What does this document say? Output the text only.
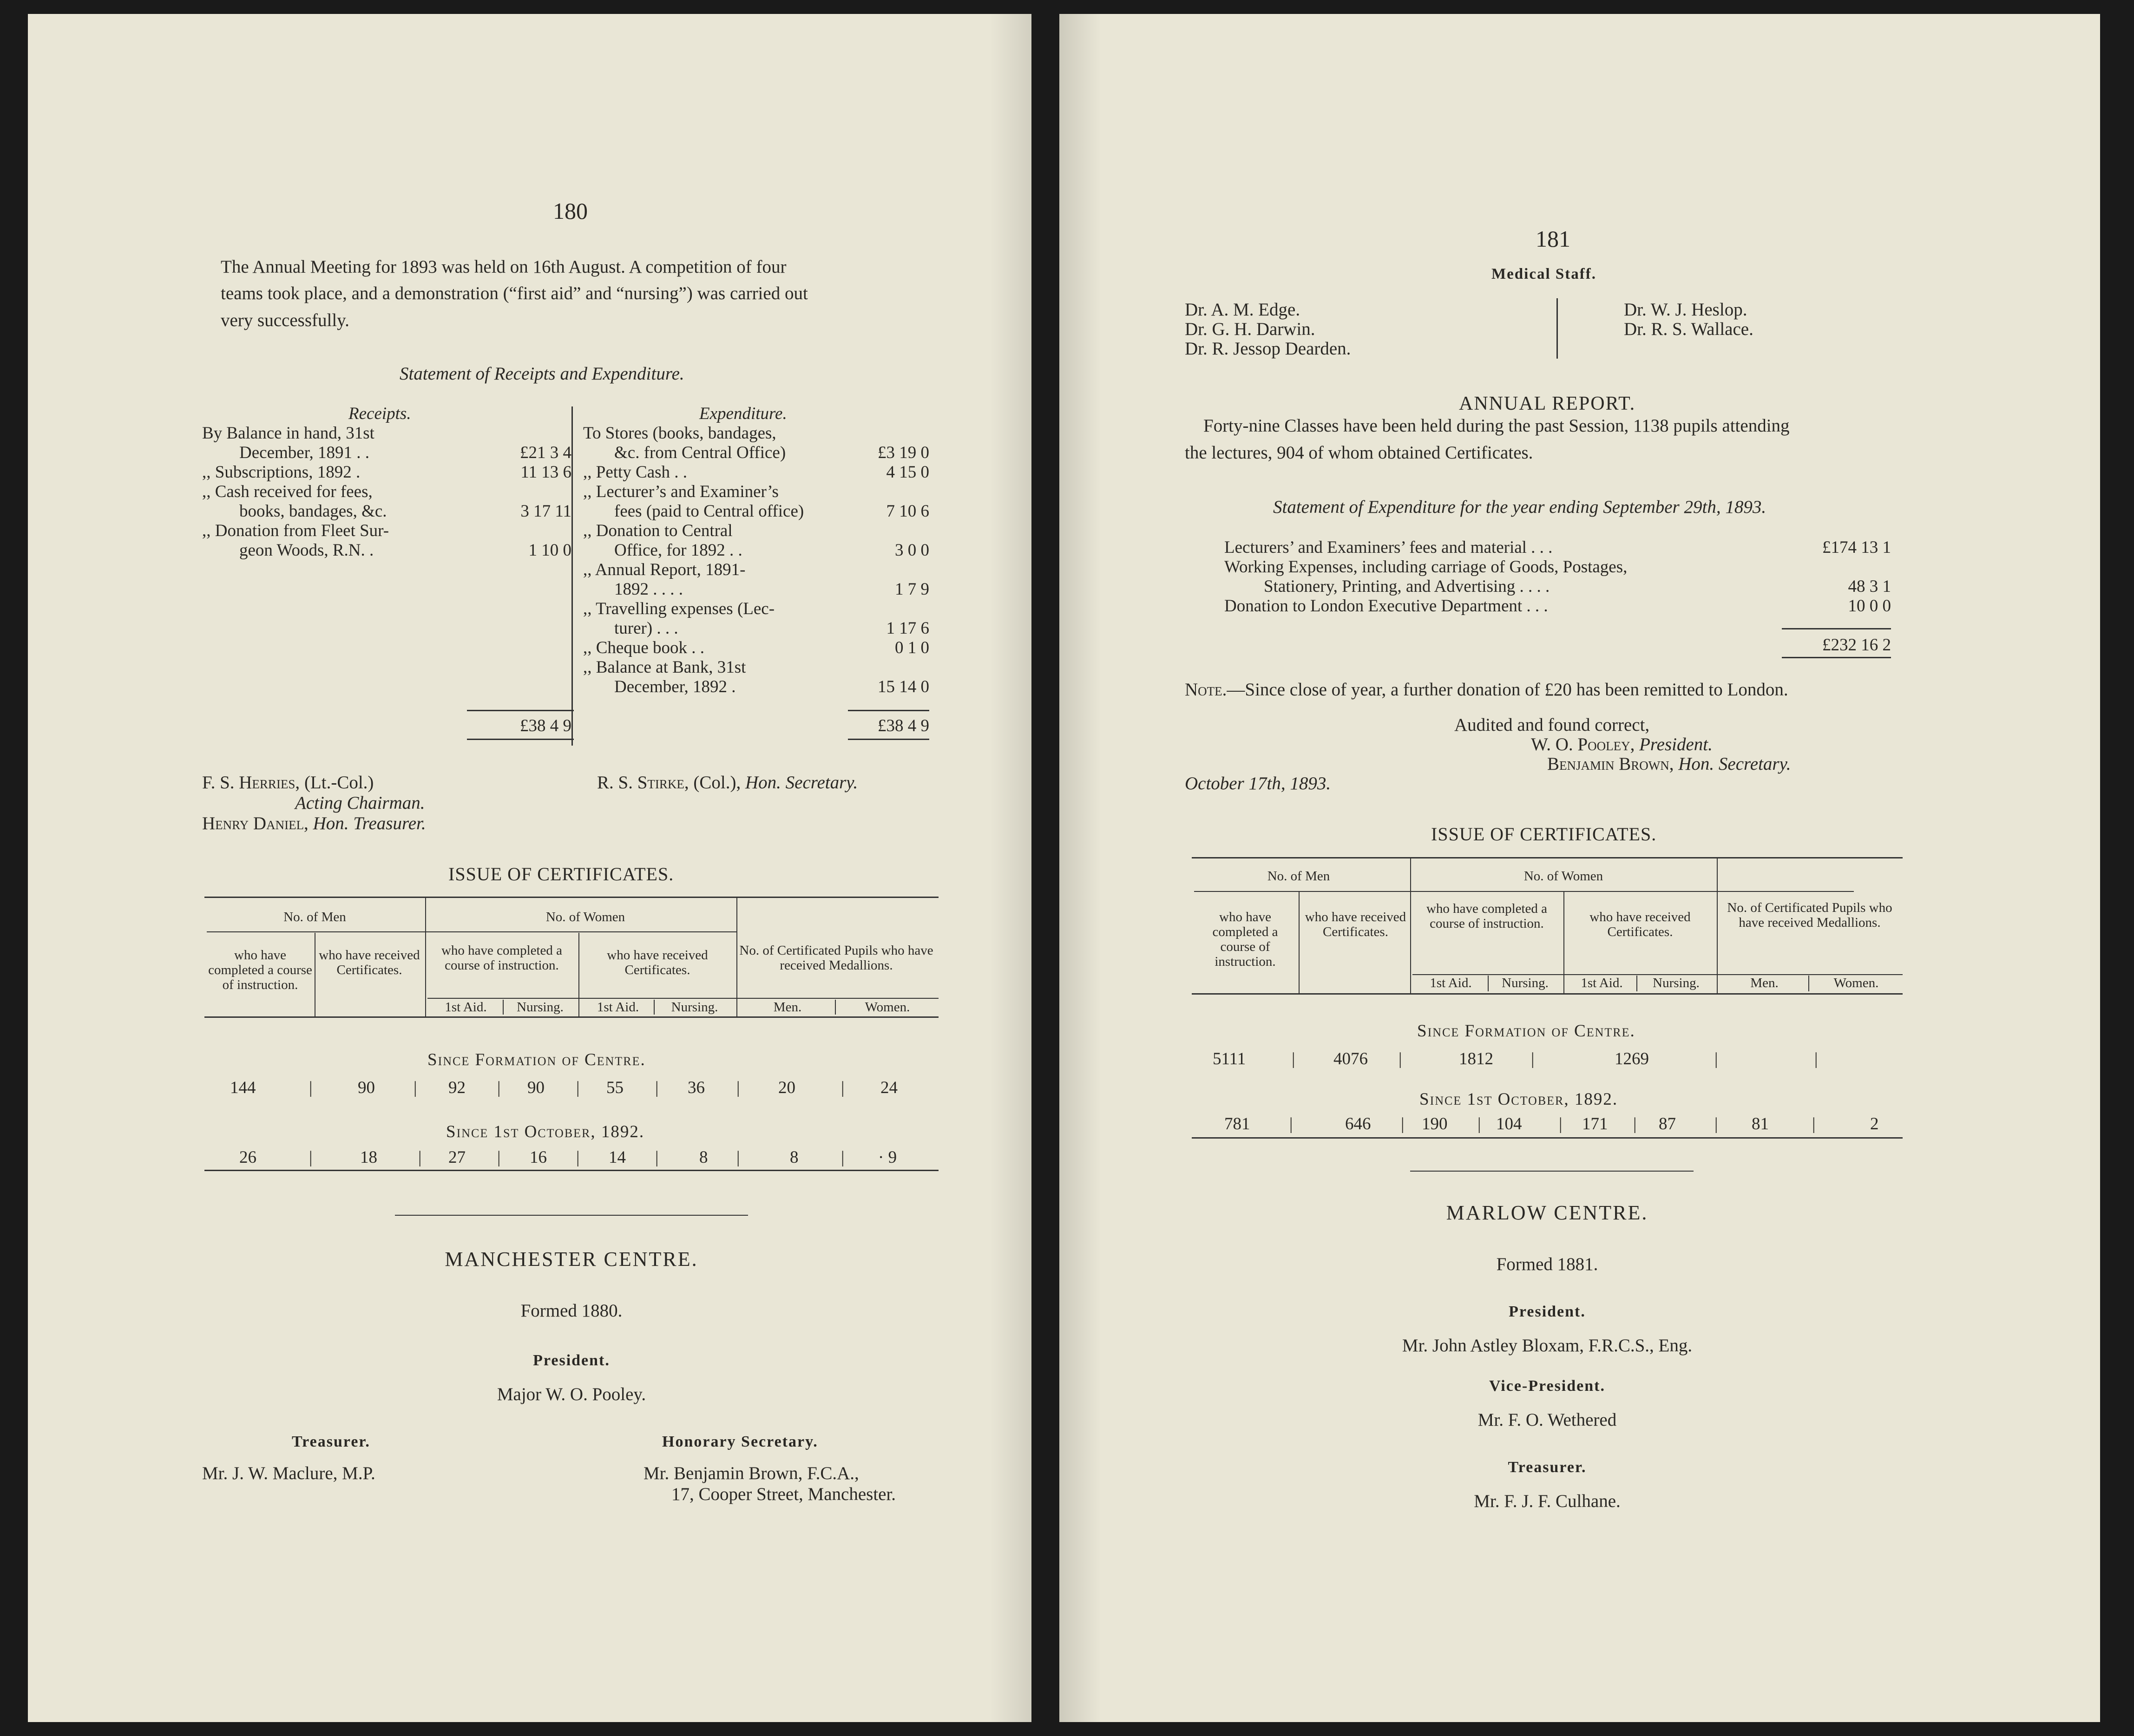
180
The Annual Meeting for 1893 was held on 16th August. A competition of four
teams took place, and a demonstration (“first aid” and “nursing”) was carried out
very successfully.
Statement of Receipts and Expenditure.
Receipts.
By Balance in hand, 31st
December, 1891 . .	£21 3 4
,, Subscriptions, 1892 .	11 13 6
,, Cash received for fees,
books, bandages, &c.	3 17 11
,, Donation from Fleet Sur-
geon Woods, R.N. .	1 10 0
£38 4 9
Expenditure.
To Stores (books, bandages,
&c. from Central Office)	£3 19 0
,, Petty Cash . .	4 15 0
,, Lecturer’s and Examiner’s
fees (paid to Central office)	7 10 6
,, Donation to Central
Office, for 1892 . .	3 0 0
,, Annual Report, 1891-
1892 . . . .	1 7 9
,, Travelling expenses (Lec-
turer) . . .	1 17 6
,, Cheque book . .	0 1 0
,, Balance at Bank, 31st
December, 1892 .	15 14 0
£38 4 9
F. S. Herries, (Lt.-Col.)
Acting Chairman.
Henry Daniel, Hon. Treasurer.
R. S. Stirke, (Col.), Hon. Secretary.
ISSUE OF CERTIFICATES.
No. of Men	No. of Women
who have completed a course of instruction.
who have received Certificates.
who have completed a course of instruction.
who have received Certificates.
No. of Certificated Pupils who have received Medallions.
1st Aid.	Nursing.	1st Aid.	Nursing.	Men.	Women.
Since Formation of Centre.
144	|	90 | 92 | 90 | 55 | 36 | 20	| 24
Since 1st October, 1892.
26	|	18 | 27 | 16 | 14 | 8 |	8 | · 9
MANCHESTER CENTRE.
Formed 1880.
President.
Major W. O. Pooley.
Treasurer.
Mr. J. W. Maclure, M.P.
Honorary Secretary.
Mr. Benjamin Brown, F.C.A.,
17, Cooper Street, Manchester.
181
Medical Staff.
Dr. A. M. Edge.
Dr. G. H. Darwin.
Dr. R. Jessop Dearden.
Dr. W. J. Heslop.
Dr. R. S. Wallace.
ANNUAL REPORT.
Forty-nine Classes have been held during the past Session, 1138 pupils attending
the lectures, 904 of whom obtained Certificates.
Statement of Expenditure for the year ending September 29th, 1893.
Lecturers’ and Examiners’ fees and material . . .	£174 13 1
Working Expenses, including carriage of Goods, Postages,
Stationery, Printing, and Advertising . . . .	48 3 1
Donation to London Executive Department . . .	10 0 0
£232 16 2
Note.—Since close of year, a further donation of £20 has been remitted to London.
Audited and found correct,
W. O. Pooley, President.
Benjamin Brown, Hon. Secretary.
October 17th, 1893.
ISSUE OF CERTIFICATES.
No. of Men	No. of Women
who have completed a course of instruction.
who have received Certificates.
who have completed a course of instruction.	who have received Certificates.
No. of Certificated Pupils who have received Medallions.
1st Aid.	Nursing.	1st Aid.	Nursing.	Men.	Women.
Since Formation of Centre.
5111	| 4076 |	1812 |	1269	|	|
Since 1st October, 1892.
781 |	646 | 190 | 104 | 171 | 87 | 81	|	2
MARLOW CENTRE.
Formed 1881.
President.
Mr. John Astley Bloxam, F.R.C.S., Eng.
Vice-President.
Mr. F. O. Wethered
Treasurer.
Mr. F. J. F. Culhane.
